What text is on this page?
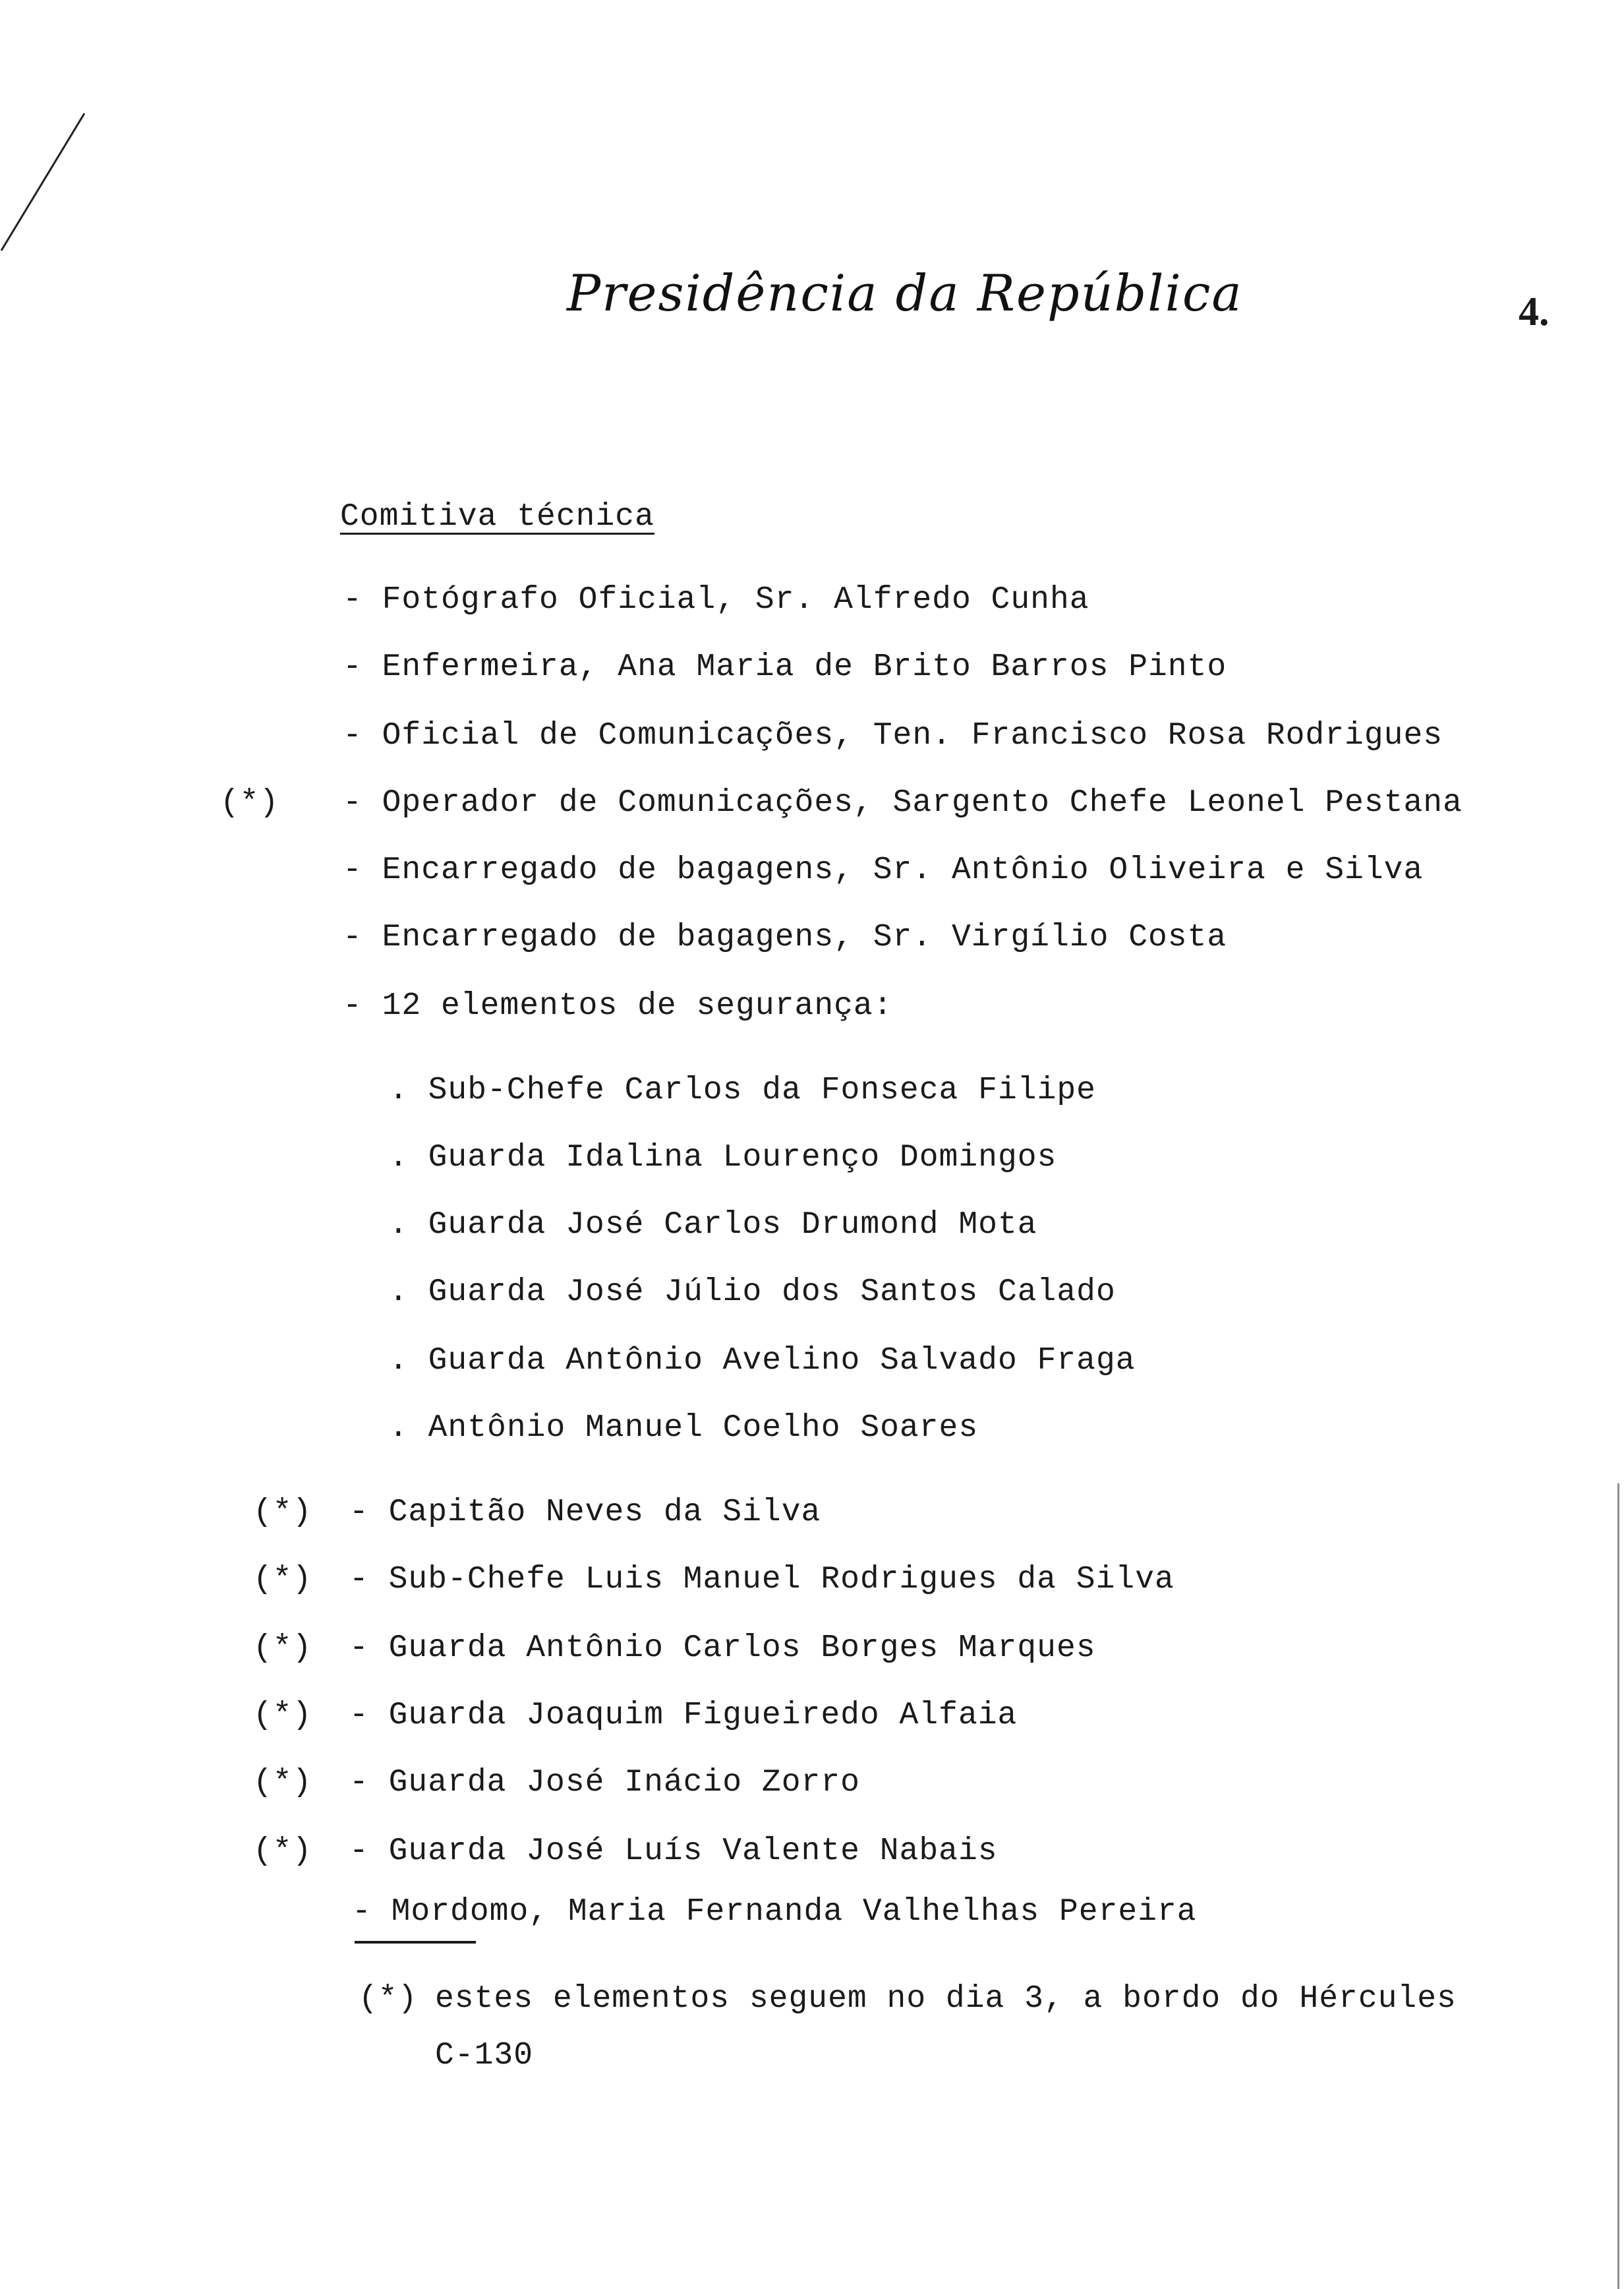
Presidência da República	4.
Comitiva técnica
- Fotógrafo Oficial, Sr. Alfredo Cunha
- Enfermeira, Ana Maria de Brito Barros Pinto
- Oficial de Comunicações, Ten. Francisco Rosa Rodrigues
(*) - Operador de Comunicações, Sargento Chefe Leonel Pestana
- Encarregado de bagagens, Sr. Antônio Oliveira e Silva
- Encarregado de bagagens, Sr. Virgílio Costa
- 12 elementos de segurança:
. Sub-Chefe Carlos da Fonseca Filipe
. Guarda Idalina Lourenço Domingos
. Guarda José Carlos Drumond Mota
. Guarda José Júlio dos Santos Calado
. Guarda Antônio Avelino Salvado Fraga
. Antônio Manuel Coelho Soares
(*) - Capitão Neves da Silva
(*) - Sub-Chefe Luis Manuel Rodrigues da Silva
(*) - Guarda Antônio Carlos Borges Marques
(*) - Guarda Joaquim Figueiredo Alfaia
(*) - Guarda José Inácio Zorro
(*) - Guarda José Luís Valente Nabais
- Mordomo, Maria Fernanda Valhelhas Pereira
(*) estes elementos seguem no dia 3, a bordo do Hércules
C-130
